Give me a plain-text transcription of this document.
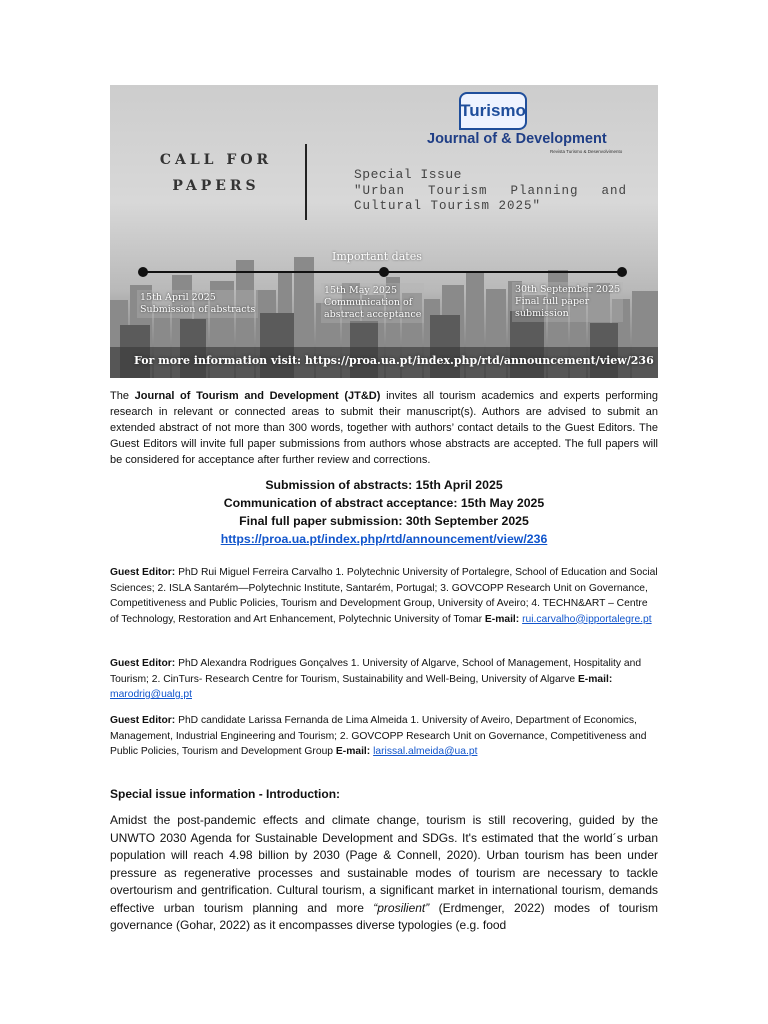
CALL FOR PAPERS
Special Issue
"Urban Tourism Planning and
Cultural Tourism 2025"
Turismo
Journal of & Development
Revista Turismo & Desenvolvimento
Important dates
15th April 2025
Submission of abstracts
15th May 2025
Communication of
abstract acceptance
30th September 2025
Final full paper
submission
For more information visit: https://proa.ua.pt/index.php/rtd/announcement/view/236
The Journal of Tourism and Development (JT&D) invites all tourism academics and experts performing research in relevant or connected areas to submit their manuscript(s). Authors are advised to submit an extended abstract of not more than 300 words, together with authors’ contact details to the Guest Editors. The Guest Editors will invite full paper submissions from authors whose abstracts are accepted. The full papers will be considered for acceptance after further review and corrections.
Submission of abstracts: 15th April 2025
Communication of abstract acceptance: 15th May 2025
Final full paper submission: 30th September 2025
https://proa.ua.pt/index.php/rtd/announcement/view/236
Guest Editor: PhD Rui Miguel Ferreira Carvalho 1. Polytechnic University of Portalegre, School of Education and Social Sciences; 2. ISLA Santarém—Polytechnic Institute, Santarém, Portugal; 3. GOVCOPP Research Unit on Governance, Competitiveness and Public Policies, Tourism and Development Group, University of Aveiro; 4. TECHN&ART – Centre of Technology, Restoration and Art Enhancement, Polytechnic University of Tomar E-mail: rui.carvalho@ipportalegre.pt
Guest Editor: PhD Alexandra Rodrigues Gonçalves 1. University of Algarve, School of Management, Hospitality and Tourism; 2. CinTurs- Research Centre for Tourism, Sustainability and Well-Being, University of Algarve E-mail: marodrig@ualg.pt
Guest Editor: PhD candidate Larissa Fernanda de Lima Almeida 1. University of Aveiro, Department of Economics, Management, Industrial Engineering and Tourism; 2. GOVCOPP Research Unit on Governance, Competitiveness and Public Policies, Tourism and Development Group E-mail: larissal.almeida@ua.pt
Special issue information - Introduction:
Amidst the post-pandemic effects and climate change, tourism is still recovering, guided by the UNWTO 2030 Agenda for Sustainable Development and SDGs. It's estimated that the world´s urban population will reach 4.98 billion by 2030 (Page & Connell, 2020). Urban tourism has been under pressure as regenerative processes and sustainable modes of tourism are necessary to tackle overtourism and gentrification. Cultural tourism, a significant market in international tourism, demands effective urban tourism planning and more “prosilient” (Erdmenger, 2022) modes of tourism governance (Gohar, 2022) as it encompasses diverse typologies (e.g. food
